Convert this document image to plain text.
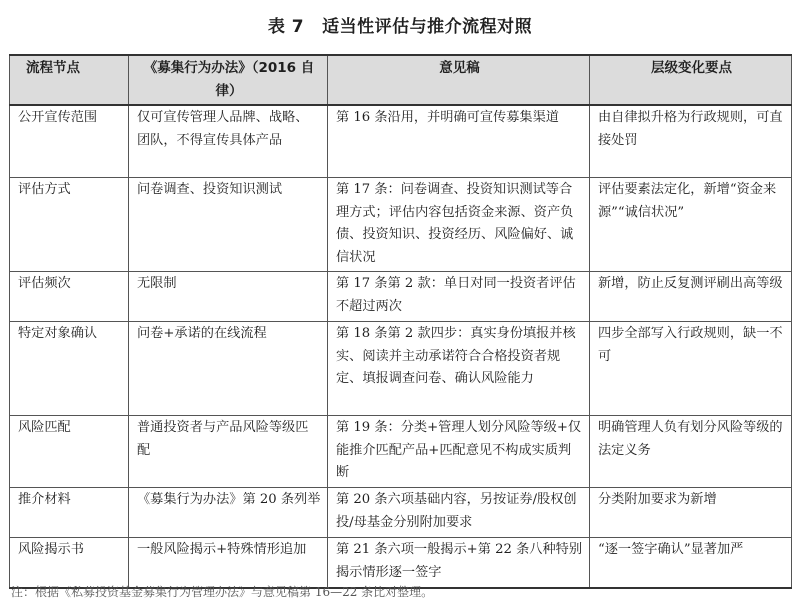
表 7 适当性评估与推介流程对照
流程节点	《募集行为办法》（2016 自律）	意见稿	层级变化要点
公开宣传范围	仅可宣传管理人品牌、战略、团队，不得宣传具体产品	第 16 条沿用，并明确可宣传募集渠道	由自律拟升格为行政规则，可直接处罚
评估方式	问卷调查、投资知识测试	第 17 条：问卷调查、投资知识测试等合理方式；评估内容包括资金来源、资产负债、投资知识、投资经历、风险偏好、诚信状况	评估要素法定化，新增“资金来源”“诚信状况”
评估频次	无限制	第 17 条第 2 款：单日对同一投资者评估不超过两次	新增，防止反复测评刷出高等级
特定对象确认	问卷+承诺的在线流程	第 18 条第 2 款四步：真实身份填报并核实、阅读并主动承诺符合合格投资者规定、填报调查问卷、确认风险能力	四步全部写入行政规则，缺一不可
风险匹配	普通投资者与产品风险等级匹配	第 19 条：分类+管理人划分风险等级+仅能推介匹配产品+匹配意见不构成实质判断	明确管理人负有划分风险等级的法定义务
推介材料	《募集行为办法》第 20 条列举	第 20 条六项基础内容，另按证券/股权创投/母基金分别附加要求	分类附加要求为新增
风险揭示书	一般风险揭示+特殊情形追加	第 21 条六项一般揭示+第 22 条八种特别揭示情形逐一签字	“逐一签字确认”显著加严
注：根据《私募投资基金募集行为管理办法》与意见稿第 16—22 条比对整理。
